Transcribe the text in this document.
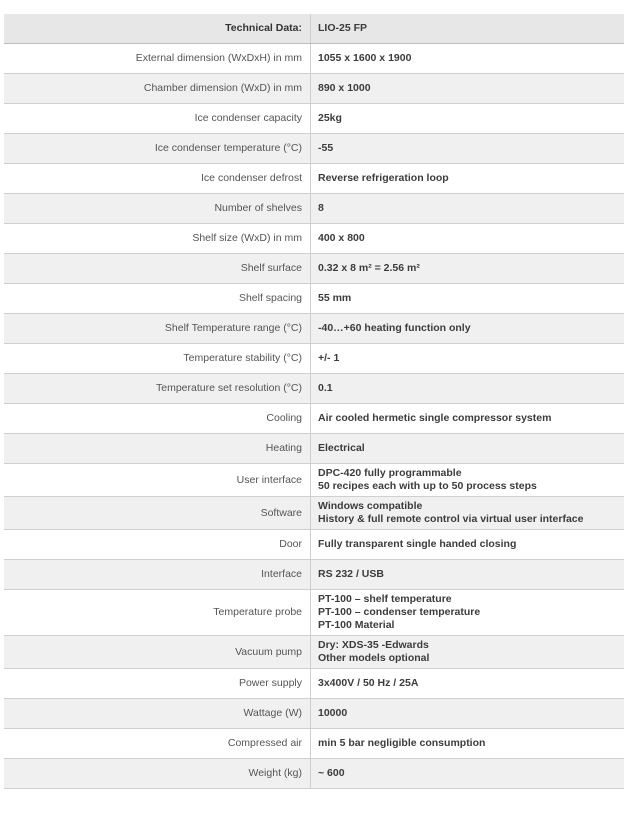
Technical Data:	LIO-25 FP
External dimension (WxDxH) in mm	1055 x 1600 x 1900

Chamber dimension (WxD) in mm	890 x 1000

Ice condenser capacity	25kg

Ice condenser temperature (°C)	-55

Ice condenser defrost	Reverse refrigeration loop

Number of shelves	8

Shelf size (WxD) in mm	400 x 800

Shelf surface	0.32 x 8 m² = 2.56 m²

Shelf spacing	55 mm

Shelf Temperature range (°C)	-40…+60 heating function only

Temperature stability (°C)	+/- 1

Temperature set resolution (°C)	0.1

Cooling	Air cooled hermetic single compressor system

Heating	Electrical

User interface	DPC-420 fully programmable
50 recipes each with up to 50 process steps

Software	Windows compatible
History & full remote control via virtual user interface

Door	Fully transparent single handed closing

Interface	RS 232 / USB

Temperature probe	PT-100 – shelf temperature
PT-100 – condenser temperature
PT-100 Material

Vacuum pump	Dry: XDS-35 -Edwards
Other models optional

Power supply	3x400V / 50 Hz / 25A

Wattage (W)	10000

Compressed air	min 5 bar negligible consumption

Weight (kg)	~ 600
